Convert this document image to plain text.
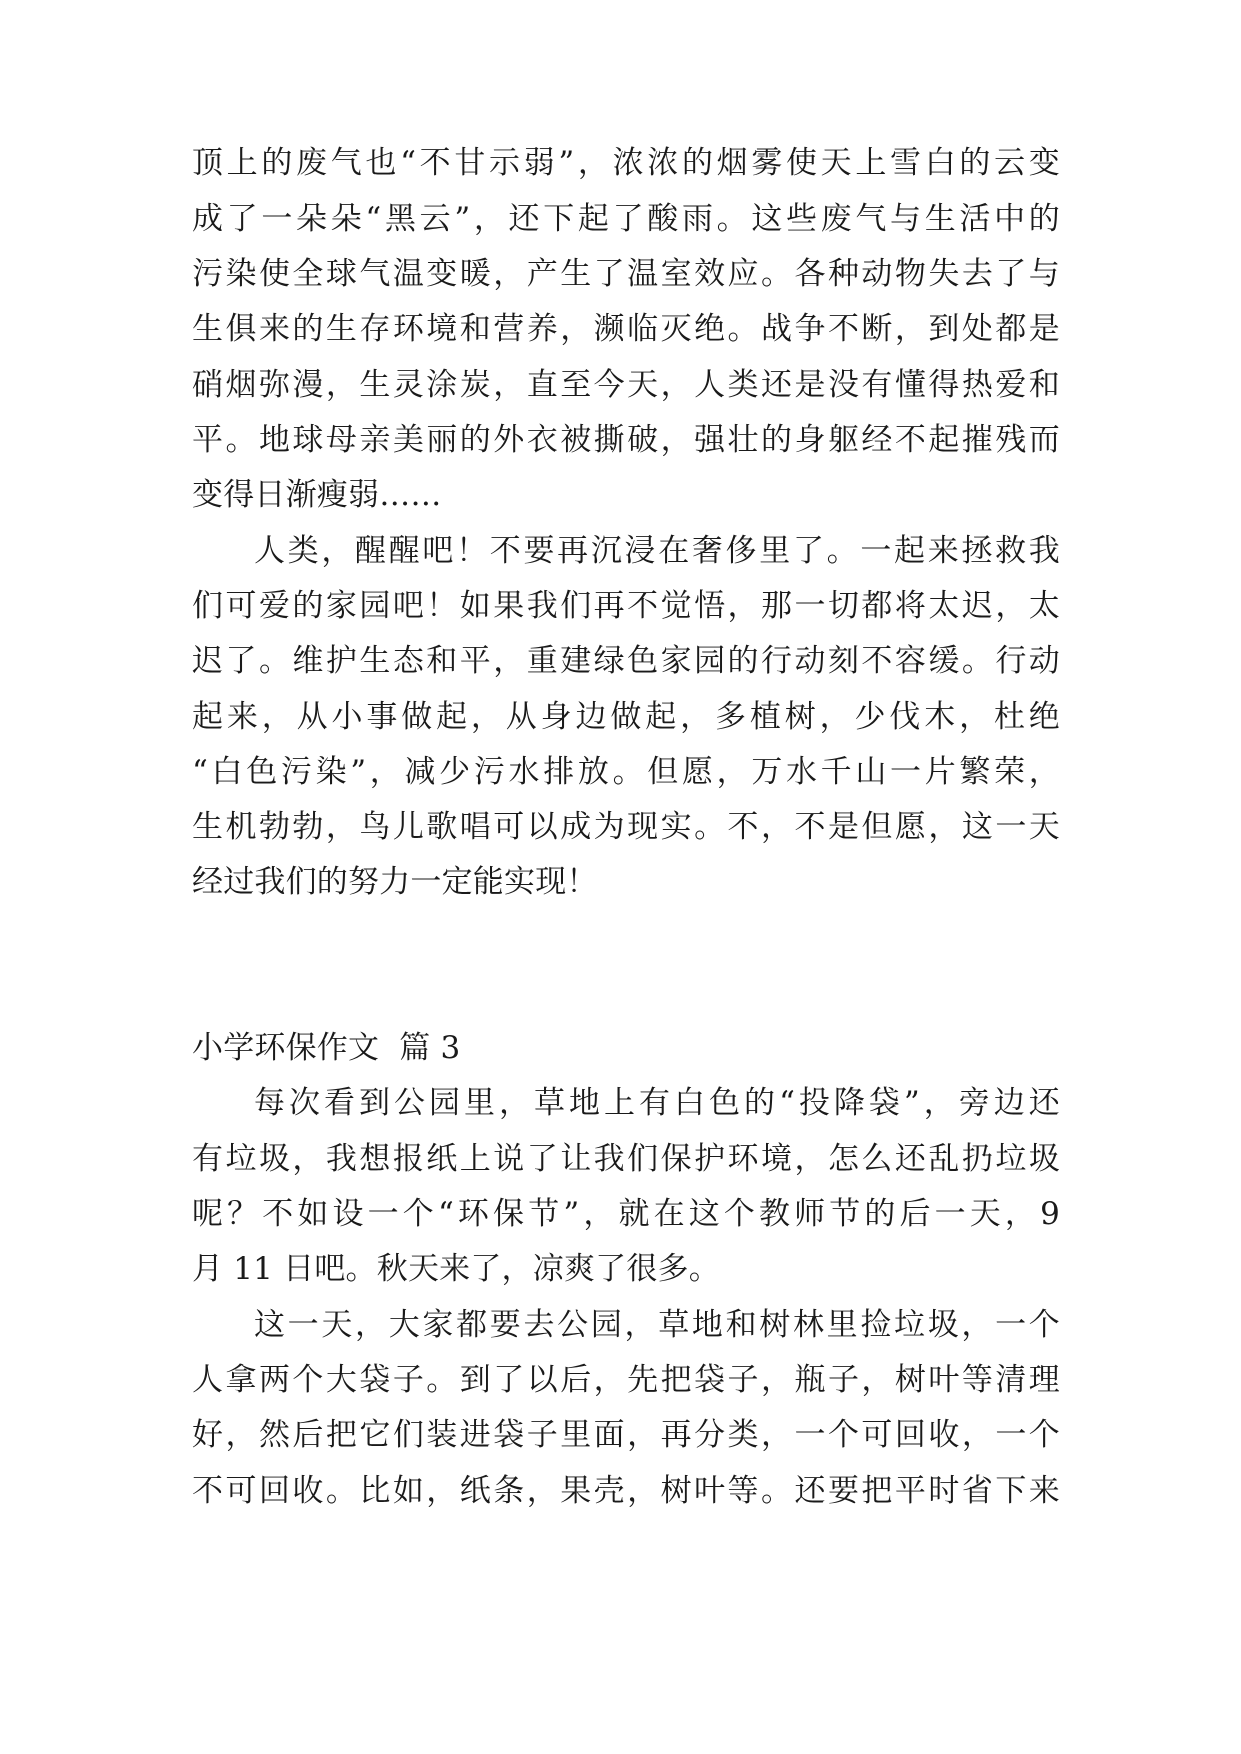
顶上的废气也“不甘示弱”，浓浓的烟雾使天上雪白的云变

成了一朵朵“黑云”，还下起了酸雨。这些废气与生活中的

污染使全球气温变暖，产生了温室效应。各种动物失去了与

生俱来的生存环境和营养，濒临灭绝。战争不断，到处都是

硝烟弥漫，生灵涂炭，直至今天，人类还是没有懂得热爱和

平。地球母亲美丽的外衣被撕破，强壮的身躯经不起摧残而

变得日渐瘦弱……

人类，醒醒吧！不要再沉浸在奢侈里了。一起来拯救我

们可爱的家园吧！如果我们再不觉悟，那一切都将太迟，太

迟了。维护生态和平，重建绿色家园的行动刻不容缓。行动

起来，从小事做起，从身边做起，多植树，少伐木，杜绝

“白色污染”，减少污水排放。但愿，万水千山一片繁荣，

生机勃勃，鸟儿歌唱可以成为现实。不，不是但愿，这一天

经过我们的努力一定能实现！

小学环保作文  篇 3

每次看到公园里，草地上有白色的“投降袋”，旁边还

有垃圾，我想报纸上说了让我们保护环境，怎么还乱扔垃圾

呢？不如设一个“环保节”，就在这个教师节的后一天，9

月 11 日吧。秋天来了，凉爽了很多。

这一天，大家都要去公园，草地和树林里捡垃圾，一个

人拿两个大袋子。到了以后，先把袋子，瓶子，树叶等清理

好，然后把它们装进袋子里面，再分类，一个可回收，一个

不可回收。比如，纸条，果壳，树叶等。还要把平时省下来
